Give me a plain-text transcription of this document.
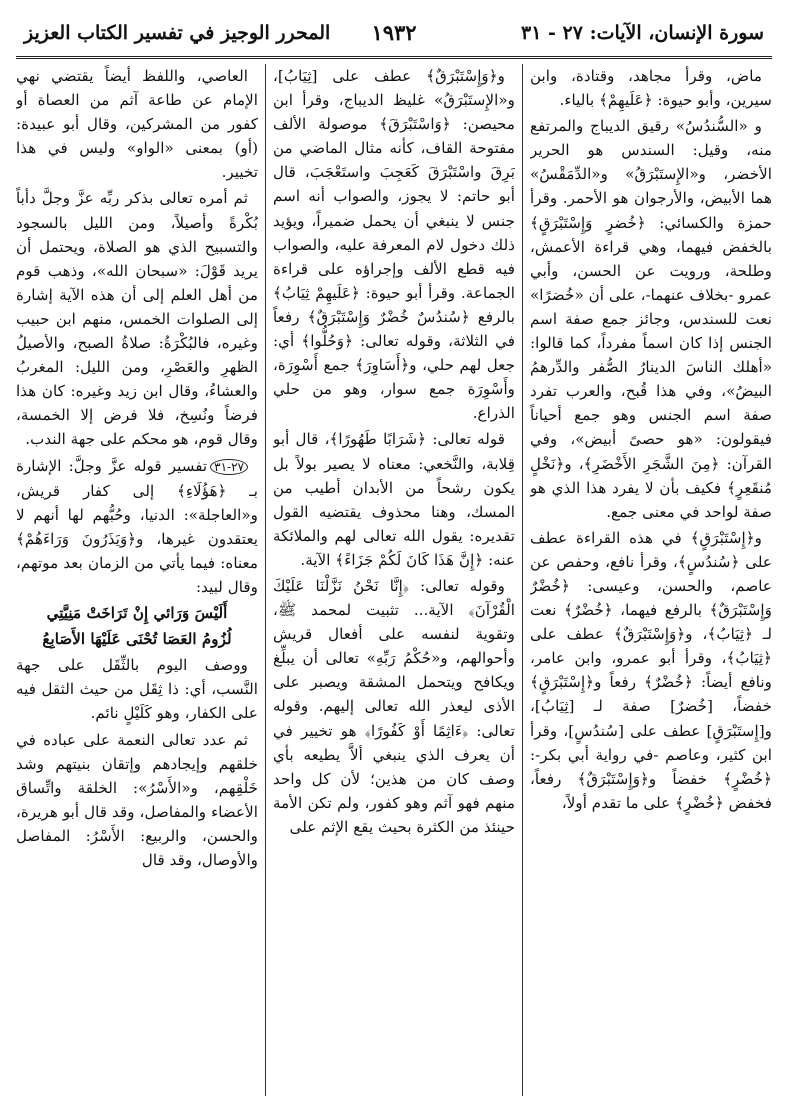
سورة الإنسان، الآيات: ٢٧ - ٣١
١٩٣٢
المحرر الوجيز في تفسير الكتاب العزيز

ماض، وقرأ مجاهد، وقتادة، وابن سيرين، وأبو حيوة: ﴿عَلَيهِمْ﴾ بالياء.

و «السُّندُسُ» رقيق الديباج والمرتفع منه، وقيل: السندس هو الحرير الأخضر، و«الإِستَبْرَقُ» و«الدِّمَقْسُ» هما الأبيض، والأرجوان هو الأحمر. وقرأ حمزة والكسائي: ﴿خُضرٍ وَإِسْتَبْرَقٍ﴾ بالخفض فيهما، وهي قراءة الأعمش، وطلحة، ورويت عن الحسن، وأبي عمرو -بخلاف عنهما-، على أن «خُضرًا» نعت للسندس، وجائز جمع صفة اسم الجنس إذا كان اسماً مفرداً، كما قالوا: «أهلك الناسَ الدينارُ الصُّفر والدِّرهمُ البيضُ»، وفي هذا قُبح، والعرب تفرد صفة اسم الجنس وهو جمع أحياناً فيقولون: «هو حصىً أبيض»، وفي القرآن: ﴿مِنَ الشَّجَرِ الأَخْضَرِ﴾، و﴿نَخْلٍ مُنقَعِرٍ﴾ فكيف بأن لا يفرد هذا الذي هو صفة لواحد في معنى جمع.

و﴿إِسْتَبْرَقٍ﴾ في هذه القراءة عطف على ﴿سُندُسٍ﴾، وقرأ نافع، وحفص عن عاصم، والحسن، وعيسى: ﴿خُضْرٌ وَإِسْتَبْرَقٌ﴾ بالرفع فيهما، ﴿خُضْرٌ﴾ نعت لـ ﴿ثِيَابُ﴾، و﴿وَإِسْتَبْرَقٌ﴾ عطف على ﴿ثِيَابُ﴾، وقرأ أبو عمرو، وابن عامر، ونافع أيضاً: ﴿خُضْرٌ﴾ رفعاً و﴿إِسْتَبْرَقٍ﴾ خفضاً، [خُضرٌ] صفة لـ [ثِيَابُ]، و[إِستَبْرَقٍ] عطف على [سُندُسٍ]، وقرأ ابن كثير، وعاصم -في رواية أبي بكر-: ﴿خُضْرٍ﴾ خفضاً و﴿وَإِسْتَبْرَقٌ﴾ رفعاً، فخفض ﴿خُضْرٍ﴾ على ما تقدم أولاً،

و﴿وَإِسْتَبْرَقٌ﴾ عطف على [ثِيَابُ]، و«الإِستَبْرَقُ» غليظ الديباج، وقرأ ابن محيصن: ﴿وَاسْتَبْرَقَ﴾ موصولة الألف مفتوحة القاف، كأنه مثال الماضي من بَرِقَ واسْتَبْرَقَ كَعَجِبَ واستَعْجَبَ، قال أبو حاتم: لا يجوز، والصواب أنه اسم جنس لا ينبغي أن يحمل ضميراً، ويؤيد ذلك دخول لام المعرفة عليه، والصواب فيه قطع الألف وإجراؤه على قراءة الجماعة. وقرأ أبو حيوة: ﴿عَلَيهِمْ ثِيَابُ﴾ بالرفع ﴿سُندُسٌ خُضْرٌ وَإِسْتَبْرَقٌ﴾ رفعاً في الثلاثة، وقوله تعالى: ﴿وَحُلُّوا﴾ أي: جعل لهم حلي، و﴿أَسَاوِرَ﴾ جمع أَسْوِرَة، وأَسْوِرَة جمع سوار، وهو من حلي الذراع.

قوله تعالى: ﴿شَرَابًا طَهُورًا﴾، قال أبو قِلابة، والنَّخعي: معناه لا يصير بولاً بل يكون رشحاً من الأبدان أطيب من المسك، وهنا محذوف يقتضيه القول تقديره: يقول الله تعالى لهم والملائكة عنه: ﴿إِنَّ هَذَا كَانَ لَكُمْ جَزَاءً﴾ الآية.

وقوله تعالى: ﴿إِنَّا نَحْنُ نَزَّلْنَا عَلَيْكَ الْقُرْآنَ﴾ الآية... تثبيت لمحمد ﷺ، وتقوية لنفسه على أفعال قريش وأحوالهم، و«حُكْمُ رَبِّهِ» تعالى أن يبلِّغ ويكافح ويتحمل المشقة ويصبر على الأذى ليعذر الله تعالى إليهم. وقوله تعالى: ﴿ءَاثِمًا أَوْ كَفُورًا﴾ هو تخيير في أن يعرف الذي ينبغي ألاَّ يطيعه بأي وصف كان من هذين؛ لأن كل واحد منهم فهو آثم وهو كفور، ولم تكن الأمة حينئذ من الكثرة بحيث يقع الإثم على

العاصي، واللفظ أيضاً يقتضي نهي الإمام عن طاعة آثم من العصاة أو كفور من المشركين، وقال أبو عبيدة: (أو) بمعنى «الواو» وليس في هذا تخيير.

ثم أمره تعالى بذكر ربِّه عزَّ وجلَّ دأباً بُكْرةً وأصيلاً، ومن الليل بالسجود والتسبيح الذي هو الصلاة، ويحتمل أن يريد قَوْلَ: «سبحان الله»، وذهب قوم من أهل العلم إلى أن هذه الآية إشارة إلى الصلوات الخمس، منهم ابن حبيب وغيره، فالبُكْرَةُ: صلاةُ الصبح، والأصيلُ الظهرِ والعَصْرِ، ومن الليل: المغربُ والعشاءُ، وقال ابن زيد وغيره: كان هذا فرضاً ونُسِخ، فلا فرض إلا الخمسة، وقال قوم، هو محكم على جهة الندب.

٢٧-٣١تفسير قوله عزَّ وجلَّ: الإشارة بـ ﴿هَؤُلَاءِ﴾ إلى كفار قريش، و«العاجلة»: الدنيا، وحُبُّهم لها أنهم لا يعتقدون غيرها، و﴿وَيَذَرُونَ وَرَاءَهُمْ﴾ معناه: فيما يأتي من الزمان بعد موتهم، وقال لبيد:

أَلَيْسَ وَرَائي إِنْ تَرَاخَتْ مَنِيَّتِي

لُزُومُ العَصَا تُحْنَى عَلَيْهَا الأَصَابِعُ

ووصف اليوم بالثِّقَل على جهة النَّسب، أي: ذا ثِقَل من حيث الثقل فيه على الكفار، وهو كَلَيْلٍ نائم.

ثم عدد تعالى النعمة على عباده في خلقهم وإيجادهم وإتقان بنيتهم وشد خَلْقِهم، و«الأَسْرُ»: الخلقة واتِّساق الأعضاء والمفاصل، وقد قال أبو هريرة، والحسن، والربيع: الأَسْرُ: المفاصل والأوصال، وقد قال
